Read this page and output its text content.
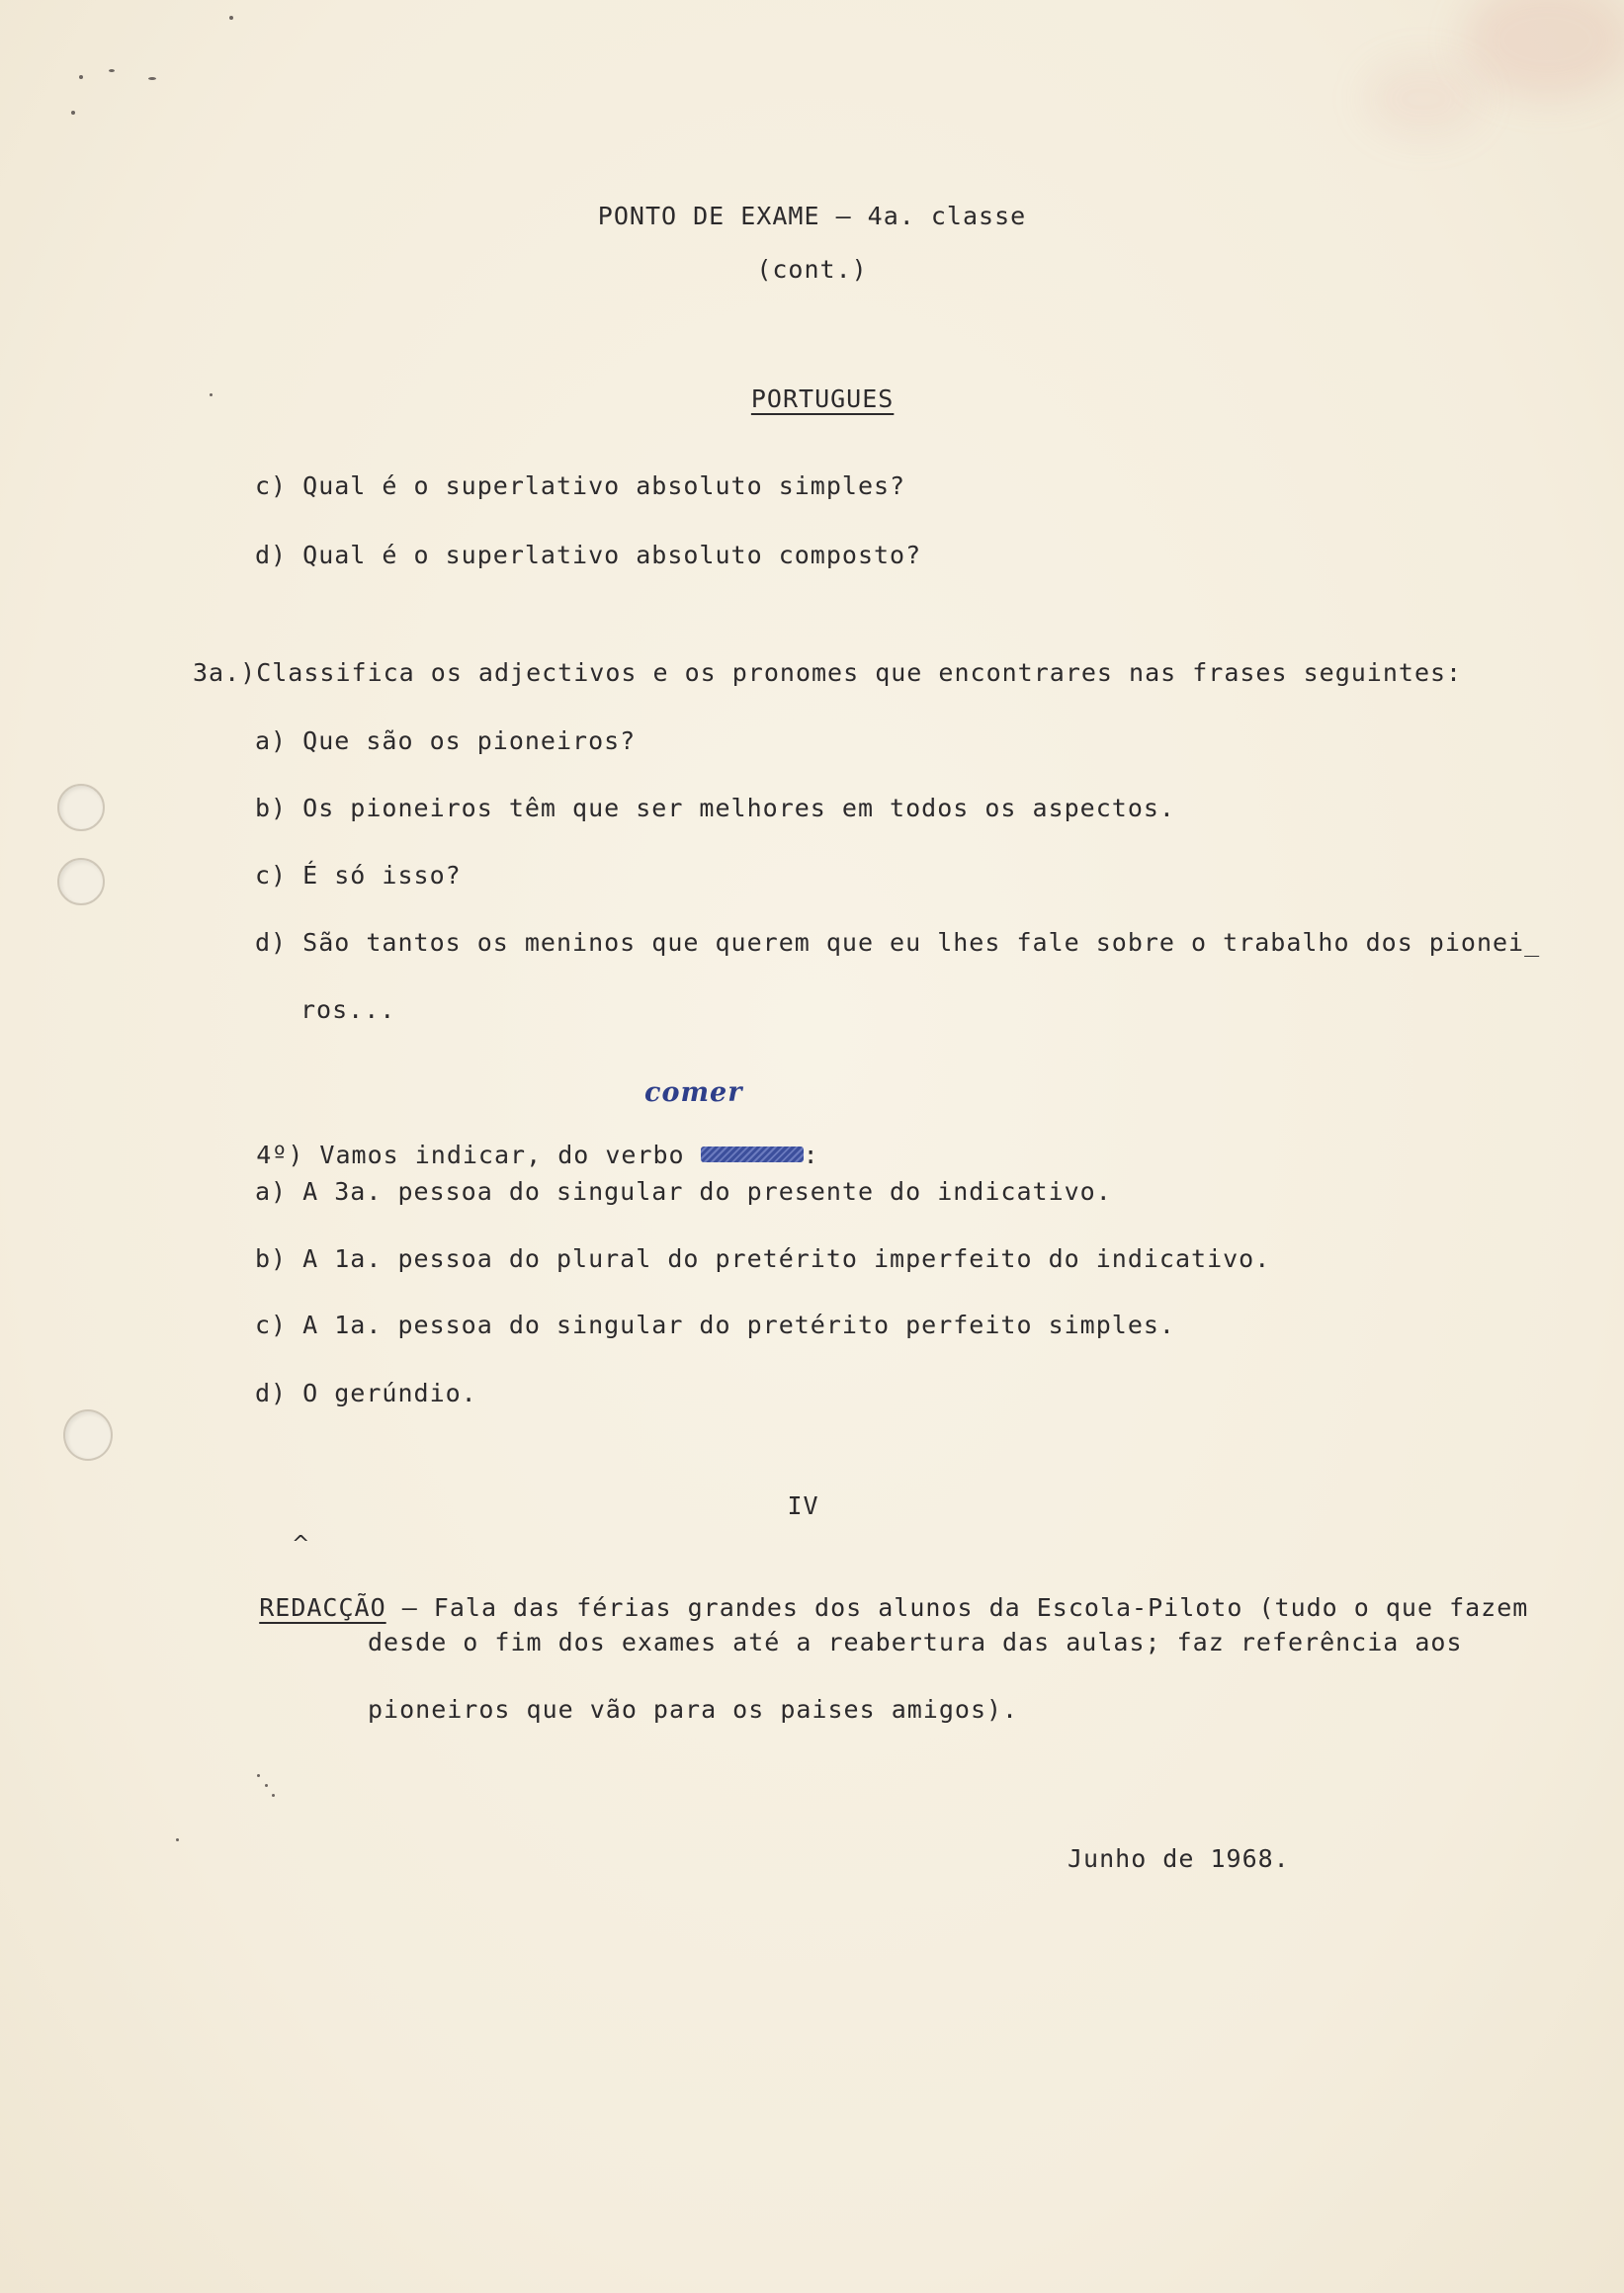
PONTO DE EXAME – 4a. classe
(cont.)

PORTUGUES

c) Qual é o superlativo absoluto simples?
d) Qual é o superlativo absoluto composto?
3a.)Classifica os adjectivos e os pronomes que encontrares nas frases seguintes:
a) Que são os pioneiros?
b) Os pioneiros têm que ser melhores em todos os aspectos.
c) É só isso?
d) São tantos os meninos que querem que eu lhes fale sobre o trabalho dos pionei_
ros...
comer

4º) Vamos indicar, do verbo	:

a) A 3a. pessoa do singular do presente do indicativo.
b) A 1a. pessoa do plural do pretérito imperfeito do indicativo.
c) A 1a. pessoa do singular do pretérito perfeito simples.
d) O gerúndio.
IV
^

REDACÇÃO – Fala das férias grandes dos alunos da Escola-Piloto (tudo o que fazem

desde o fim dos exames até a reabertura das aulas; faz referência aos
pioneiros que vão para os paises amigos).
Junho de 1968.
